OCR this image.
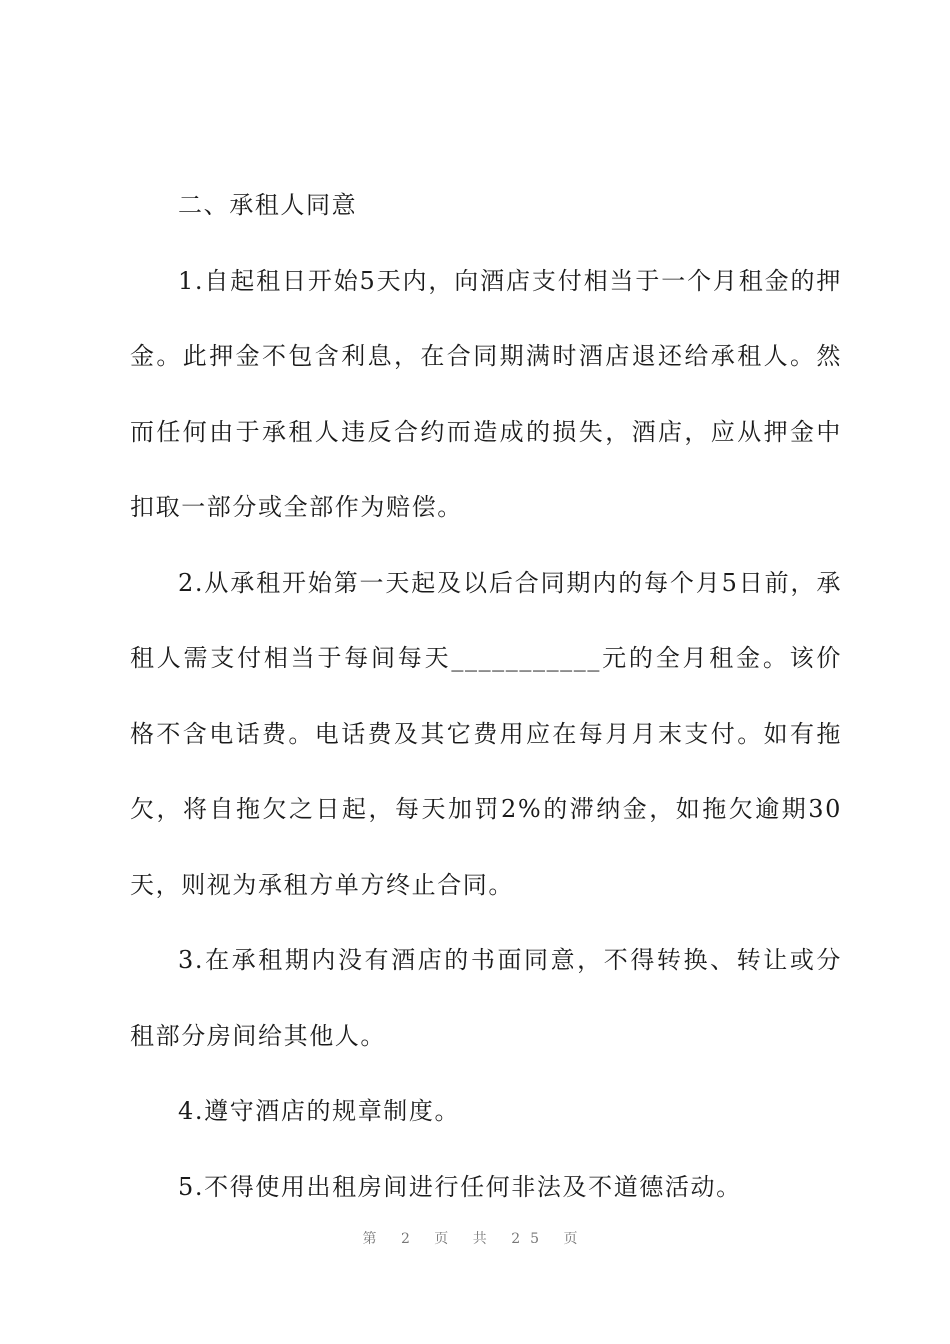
二、承租人同意

1.自起租日开始5天内，向酒店支付相当于一个月租金的押金。此押金不包含利息，在合同期满时酒店退还给承租人。然而任何由于承租人违反合约而造成的损失，酒店，应从押金中扣取一部分或全部作为赔偿。

2.从承租开始第一天起及以后合同期内的每个月5日前，承租人需支付相当于每间每天___________元的全月租金。该价格不含电话费。电话费及其它费用应在每月月末支付。如有拖欠，将自拖欠之日起，每天加罚2%的滞纳金，如拖欠逾期30天，则视为承租方单方终止合同。

3.在承租期内没有酒店的书面同意，不得转换、转让或分租部分房间给其他人。

4.遵守酒店的规章制度。

5.不得使用出租房间进行任何非法及不道德活动。

第 2 页 共 25 页
